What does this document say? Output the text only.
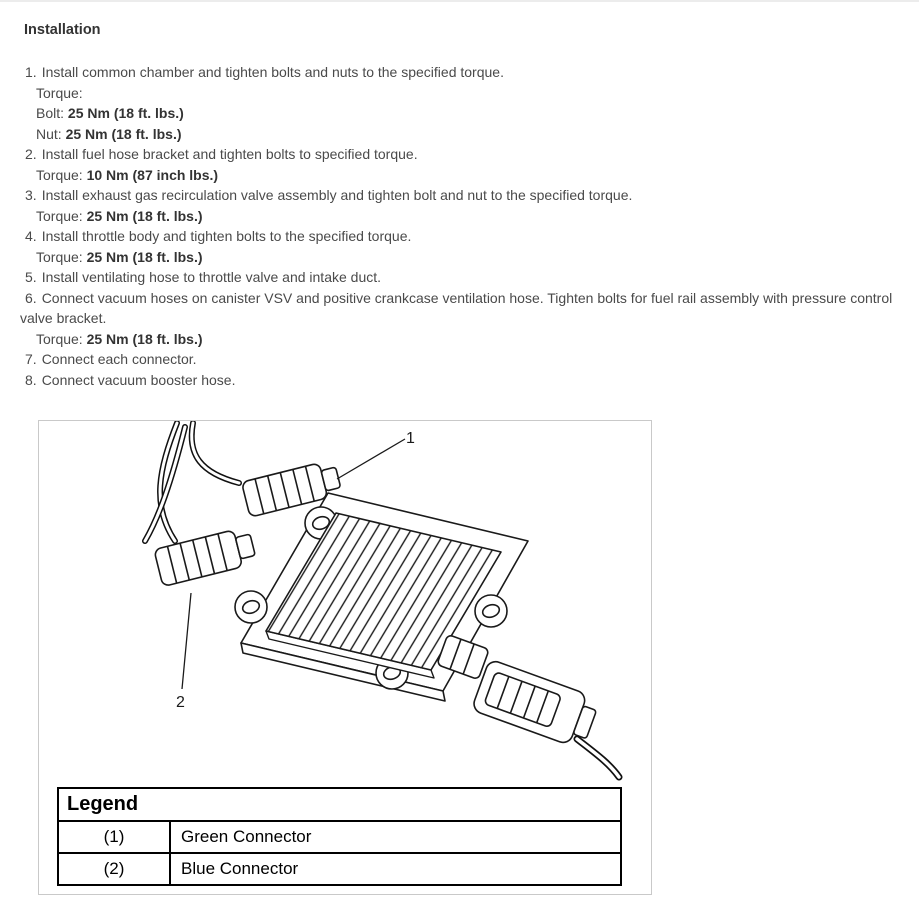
Installation
1. Install common chamber and tighten bolts and nuts to the specified torque.
Torque:
Bolt: 25 Nm (18 ft. lbs.)
Nut: 25 Nm (18 ft. lbs.)
2. Install fuel hose bracket and tighten bolts to specified torque.
Torque: 10 Nm (87 inch lbs.)
3. Install exhaust gas recirculation valve assembly and tighten bolt and nut to the specified torque.
Torque: 25 Nm (18 ft. lbs.)
4. Install throttle body and tighten bolts to the specified torque.
Torque: 25 Nm (18 ft. lbs.)
5. Install ventilating hose to throttle valve and intake duct.
6. Connect vacuum hoses on canister VSV and positive crankcase ventilation hose. Tighten bolts for fuel rail assembly with pressure control valve bracket.
Torque: 25 Nm (18 ft. lbs.)
7. Connect each connector.
8. Connect vacuum booster hose.
1
2
Legend	
(1)	Green Connector
(2)	Blue Connector
